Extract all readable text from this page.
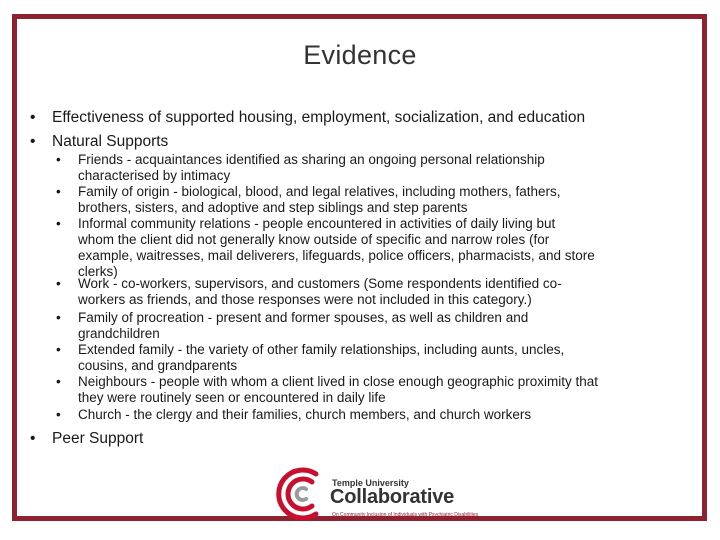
Evidence
• Effectiveness of supported housing, employment, socialization, and education
• Natural Supports
• Friends - acquaintances identified as sharing an ongoing personal relationship
characterised by intimacy
• Family of origin - biological, blood, and legal relatives, including mothers, fathers,
brothers, sisters, and adoptive and step siblings and step parents
• Informal community relations - people encountered in activities of daily living but
whom the client did not generally know outside of specific and narrow roles (for
example, waitresses, mail deliverers, lifeguards, police officers, pharmacists, and store
clerks)
• Work - co-workers, supervisors, and customers (Some respondents identified co-
workers as friends, and those responses were not included in this category.)
• Family of procreation - present and former spouses, as well as children and
grandchildren
• Extended family - the variety of other family relationships, including aunts, uncles,
cousins, and grandparents
• Neighbours - people with whom a client lived in close enough geographic proximity that
they were routinely seen or encountered in daily life
• Church - the clergy and their families, church members, and church workers
• Peer Support
Temple University
Collaborative
On Community Inclusion of Individuals with Psychiatric Disabilities
